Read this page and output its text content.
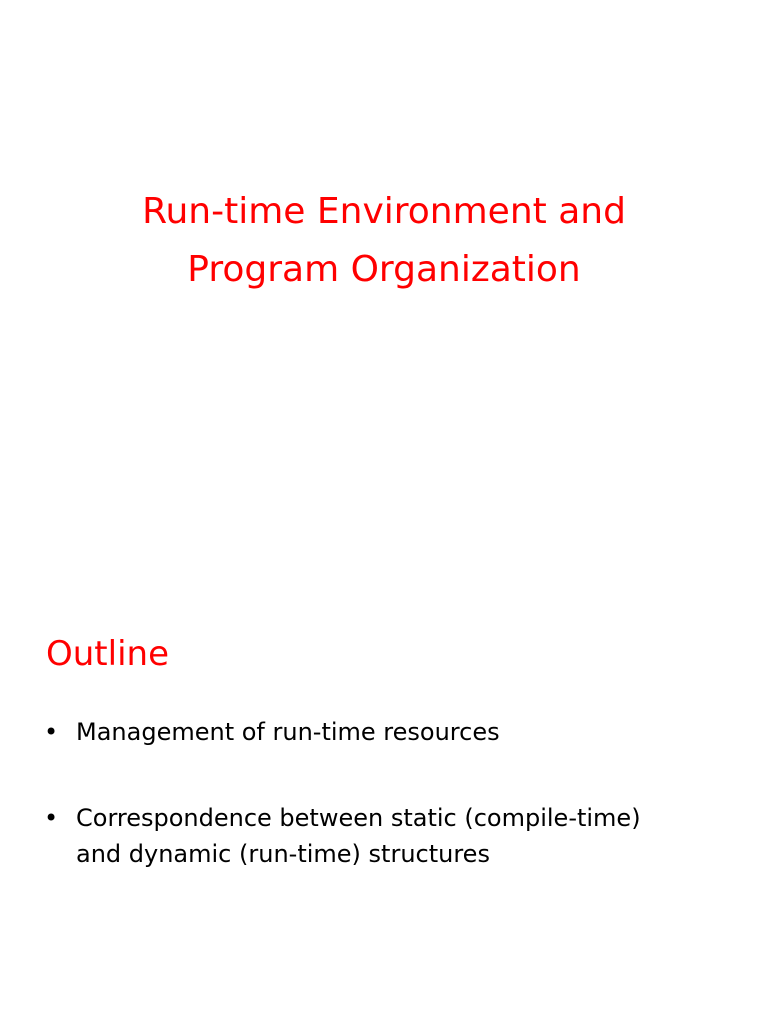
Run-time Environment and
Program Organization
Outline
• Management of run-time resources
• Correspondence between static (compile-time)
and dynamic (run-time) structures
